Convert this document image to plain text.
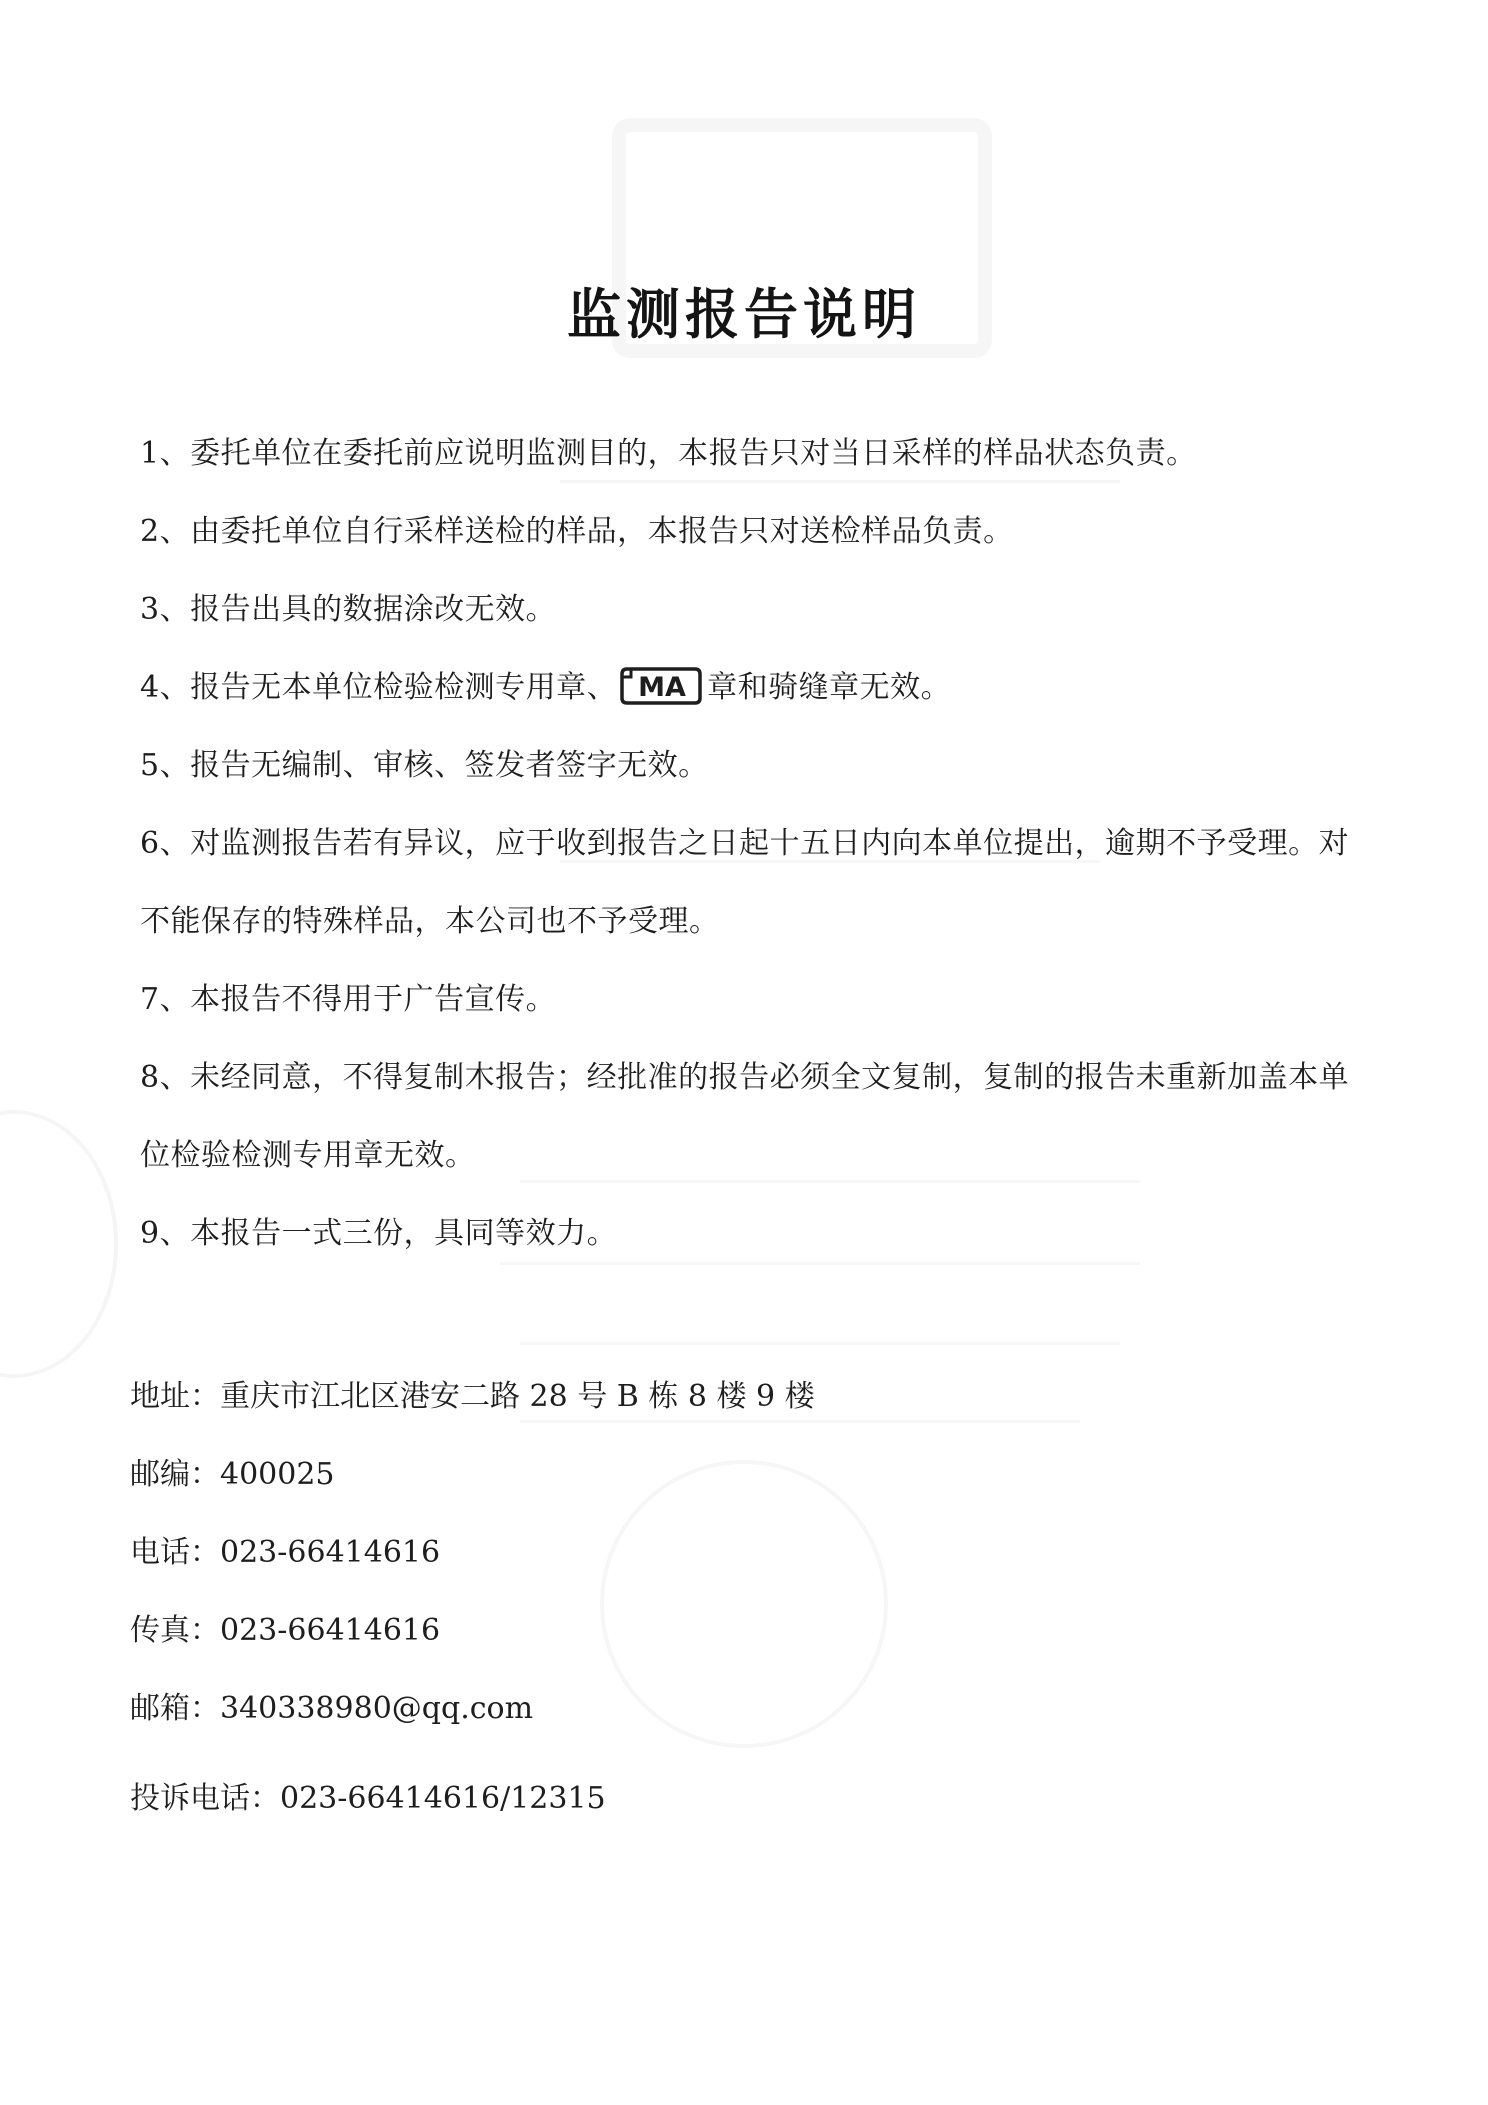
监测报告说明
1、委托单位在委托前应说明监测目的，本报告只对当日采样的样品状态负责。
2、由委托单位自行采样送检的样品，本报告只对送检样品负责。
3、报告出具的数据涂改无效。
4、报告无本单位检验检测专用章、 MA 章和骑缝章无效。
5、报告无编制、审核、签发者签字无效。
6、对监测报告若有异议，应于收到报告之日起十五日内向本单位提出，逾期不予受理。对不能保存的特殊样品，本公司也不予受理。
7、本报告不得用于广告宣传。
8、未经同意，不得复制木报告；经批准的报告必须全文复制，复制的报告未重新加盖本单位检验检测专用章无效。
9、本报告一式三份，具同等效力。
地址：重庆市江北区港安二路 28 号 B 栋 8 楼 9 楼
邮编：400025
电话：023-66414616
传真：023-66414616
邮箱：340338980@qq.com
投诉电话：023-66414616/12315
